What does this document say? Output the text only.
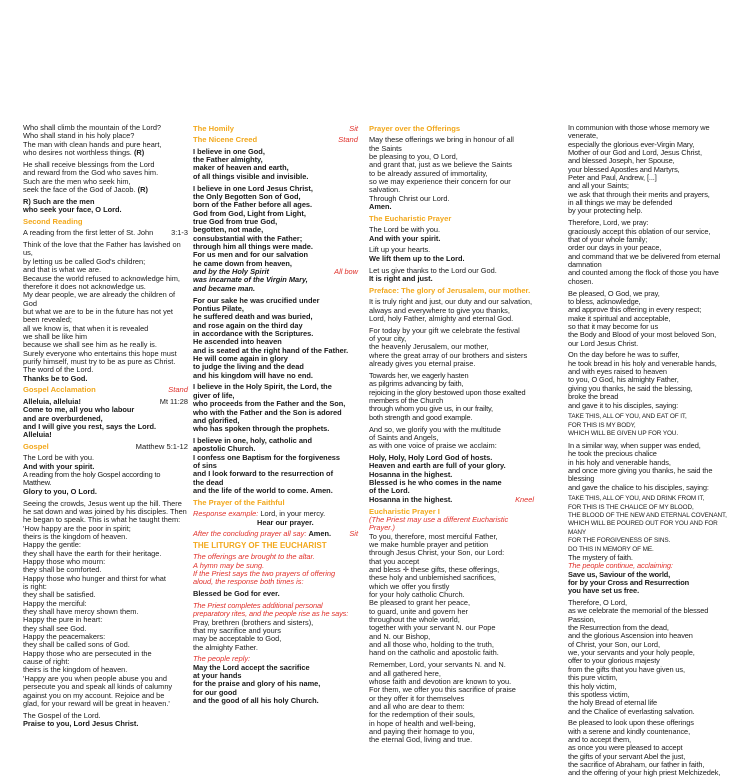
Who shall climb the mountain of the Lord?
Who shall stand in his holy place?
The man with clean hands and pure heart,
who desires not worthless things. (R)
He shall receive blessings from the Lord
and reward from the God who saves him.
Such are the men who seek him,
seek the face of the God of Jacob. (R)
R) Such are the men
who seek your face, O Lord.
Second Reading
A reading from the first letter of St. John 3:1-3
Think of the love that the Father has lavished on us,
by letting us be called God's children;
and that is what we are.
Because the world refused to acknowledge him,
therefore it does not acknowledge us.
My dear people, we are already the children of God
but what we are to be in the future has not yet
been revealed;
all we know is, that when it is revealed
we shall be like him
because we shall see him as he really is.
Surely everyone who entertains this hope must
purify himself, must try to be as pure as Christ.
The word of the Lord.
Thanks be to God.
Gospel Acclamation	Stand
Alleluia, alleluia!	Mt 11:28
Come to me, all you who labour
and are overburdened,
and I will give you rest, says the Lord.
Alleluia!
Gospel	Matthew 5:1-12
The Lord be with you.
And with your spirit.
A reading from the holy Gospel according to Matthew.
Glory to you, O Lord.
Seeing the crowds, Jesus went up the hill. There
he sat down and was joined by his disciples. Then
he began to speak. This is what he taught them:
'How happy are the poor in spirit;
theirs is the kingdom of heaven.
Happy the gentle:
they shall have the earth for their heritage.
Happy those who mourn:
they shall be comforted.
Happy those who hunger and thirst for what
is right:
they shall be satisfied.
Happy the merciful:
they shall have mercy shown them.
Happy the pure in heart:
they shall see God.
Happy the peacemakers:
they shall be called sons of God.
Happy those who are persecuted in the
cause of right:
theirs is the kingdom of heaven.
'Happy are you when people abuse you and
persecute you and speak all kinds of calumny
against you on my account. Rejoice and be
glad, for your reward will be great in heaven.'
The Gospel of the Lord.
Praise to you, Lord Jesus Christ.
The Homily	Sit
The Nicene Creed	Stand
I believe in one God,
the Father almighty,
maker of heaven and earth,
of all things visible and invisible.
I believe in one Lord Jesus Christ,
the Only Begotten Son of God,
born of the Father before all ages.
God from God, Light from Light,
true God from true God,
begotten, not made,
consubstantial with the Father;
through him all things were made.
For us men and for our salvation
he came down from heaven,
and by the Holy Spirit
was incarnate of the Virgin Mary,
and became man.
All bow
For our sake he was crucified under
Pontius Pilate,
he suffered death and was buried,
and rose again on the third day
in accordance with the Scriptures.
He ascended into heaven
and is seated at the right hand of the Father.
He will come again in glory
to judge the living and the dead
and his kingdom will have no end.
I believe in the Holy Spirit, the Lord, the
giver of life,
who proceeds from the Father and the Son,
who with the Father and the Son is adored
and glorified,
who has spoken through the prophets.
I believe in one, holy, catholic and
apostolic Church.
I confess one Baptism for the forgiveness
of sins
and I look forward to the resurrection of
the dead
and the life of the world to come. Amen.
The Prayer of the Faithful
Response example: Lord, in your mercy.
Hear our prayer.
After the concluding prayer all say: Amen. Sit
THE LITURGY OF THE EUCHARIST
The offerings are brought to the altar.
A hymn may be sung.
If the Priest says the two prayers of offering
aloud, the response both times is:
Blessed be God for ever.
The Priest completes additional personal
preparatory rites, and the people rise as he says:
Pray, brethren (brothers and sisters),
that my sacrifice and yours
may be acceptable to God,
the almighty Father.
The people reply:
May the Lord accept the sacrifice
at your hands
for the praise and glory of his name,
for our good
and the good of all his holy Church.
Prayer over the Offerings
May these offerings we bring in honour of all
the Saints
be pleasing to you, O Lord,
and grant that, just as we believe the Saints
to be already assured of immortality,
so we may experience their concern for our
salvation.
Through Christ our Lord.
Amen.
The Eucharistic Prayer
The Lord be with you.
And with your spirit.
Lift up your hearts.
We lift them up to the Lord.
Let us give thanks to the Lord our God.
It is right and just.
Preface: The glory of Jerusalem, our mother.
It is truly right and just, our duty and our salvation,
always and everywhere to give you thanks,
Lord, holy Father, almighty and eternal God.
For today by your gift we celebrate the festival
of your city,
the heavenly Jerusalem, our mother,
where the great array of our brothers and sisters
already gives you eternal praise.
Towards her, we eagerly hasten
as pilgrims advancing by faith,
rejoicing in the glory bestowed upon those exalted
members of the Church
through whom you give us, in our frailty,
both strength and good example.
And so, we glorify you with the multitude
of Saints and Angels,
as with one voice of praise we acclaim:
Holy, Holy, Holy Lord God of hosts.
Heaven and earth are full of your glory.
Hosanna in the highest.
Blessed is he who comes in the name
of the Lord.
Hosanna in the highest.	Kneel
Eucharistic Prayer I
(The Priest may use a different Eucharistic Prayer.)
To you, therefore, most merciful Father,
we make humble prayer and petition
through Jesus Christ, your Son, our Lord:
that you accept
and bless ✛ these gifts, these offerings,
these holy and unblemished sacrifices,
which we offer you firstly
for your holy catholic Church.
Be pleased to grant her peace,
to guard, unite and govern her
throughout the whole world,
together with your servant N. our Pope
and N. our Bishop,
and all those who, holding to the truth,
hand on the catholic and apostolic faith.
Remember, Lord, your servants N. and N.
and all gathered here,
whose faith and devotion are known to you.
For them, we offer you this sacrifice of praise
or they offer it for themselves
and all who are dear to them:
for the redemption of their souls,
in hope of health and well-being,
and paying their homage to you,
the eternal God, living and true.
In communion with those whose memory we venerate,
especially the glorious ever-Virgin Mary,
Mother of our God and Lord, Jesus Christ,
and blessed Joseph, her Spouse,
your blessed Apostles and Martyrs,
Peter and Paul, Andrew, [...]
and all your Saints;
we ask that through their merits and prayers,
in all things we may be defended
by your protecting help.
Therefore, Lord, we pray:
graciously accept this oblation of our service,
that of your whole family;
order our days in your peace,
and command that we be delivered from eternal
damnation
and counted among the flock of those you have chosen.
Be pleased, O God, we pray,
to bless, acknowledge,
and approve this offering in every respect;
make it spiritual and acceptable,
so that it may become for us
the Body and Blood of your most beloved Son,
our Lord Jesus Christ.
On the day before he was to suffer,
he took bread in his holy and venerable hands,
and with eyes raised to heaven
to you, O God, his almighty Father,
giving you thanks, he said the blessing,
broke the bread
and gave it to his disciples, saying:
TAKE THIS, ALL OF YOU, AND EAT OF IT,
FOR THIS IS MY BODY,
WHICH WILL BE GIVEN UP FOR YOU.
In a similar way, when supper was ended,
he took the precious chalice
in his holy and venerable hands,
and once more giving you thanks, he said the blessing
and gave the chalice to his disciples, saying:
TAKE THIS, ALL OF YOU, AND DRINK FROM IT,
FOR THIS IS THE CHALICE OF MY BLOOD,
THE BLOOD OF THE NEW AND ETERNAL COVENANT,
WHICH WILL BE POURED OUT FOR YOU AND FOR MANY
FOR THE FORGIVENESS OF SINS.
DO THIS IN MEMORY OF ME.
The mystery of faith.
The people continue, acclaiming:
Save us, Saviour of the world,
for by your Cross and Resurrection
you have set us free.
Therefore, O Lord,
as we celebrate the memorial of the blessed Passion,
the Resurrection from the dead,
and the glorious Ascension into heaven
of Christ, your Son, our Lord,
we, your servants and your holy people,
offer to your glorious majesty
from the gifts that you have given us,
this pure victim,
this holy victim,
this spotless victim,
the holy Bread of eternal life
and the Chalice of everlasting salvation.
Be pleased to look upon these offerings
with a serene and kindly countenance,
and to accept them,
as once you were pleased to accept
the gifts of your servant Abel the just,
the sacrifice of Abraham, our father in faith,
and the offering of your high priest Melchizedek,
